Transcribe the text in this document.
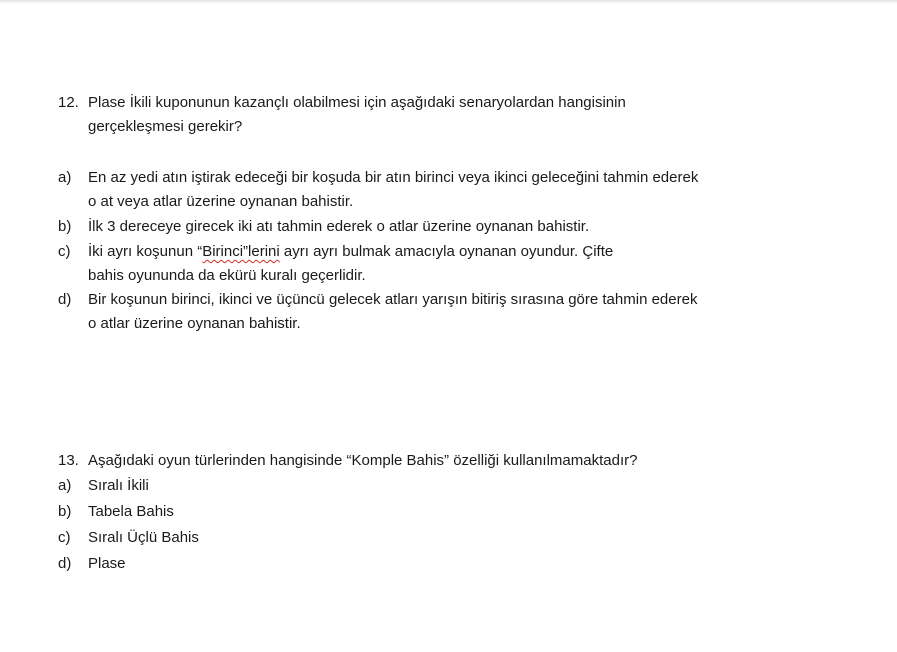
12. Plase İkili kuponunun kazançlı olabilmesi için aşağıdaki senaryolardan hangisinin
gerçekleşmesi gerekir?
a) En az yedi atın iştirak edeceği bir koşuda bir atın birinci veya ikinci geleceğini tahmin ederek
o at veya atlar üzerine oynanan bahistir.
b) İlk 3 dereceye girecek iki atı tahmin ederek o atlar üzerine oynanan bahistir.
c) İki ayrı koşunun “Birinci”lerini ayrı ayrı bulmak amacıyla oynanan oyundur. Çifte
bahis oyununda da ekürü kuralı geçerlidir.
d) Bir koşunun birinci, ikinci ve üçüncü gelecek atları yarışın bitiriş sırasına göre tahmin ederek
o atlar üzerine oynanan bahistir.
13. Aşağıdaki oyun türlerinden hangisinde “Komple Bahis” özelliği kullanılmamaktadır?
a) Sıralı İkili
b) Tabela Bahis
c) Sıralı Üçlü Bahis
d) Plase
